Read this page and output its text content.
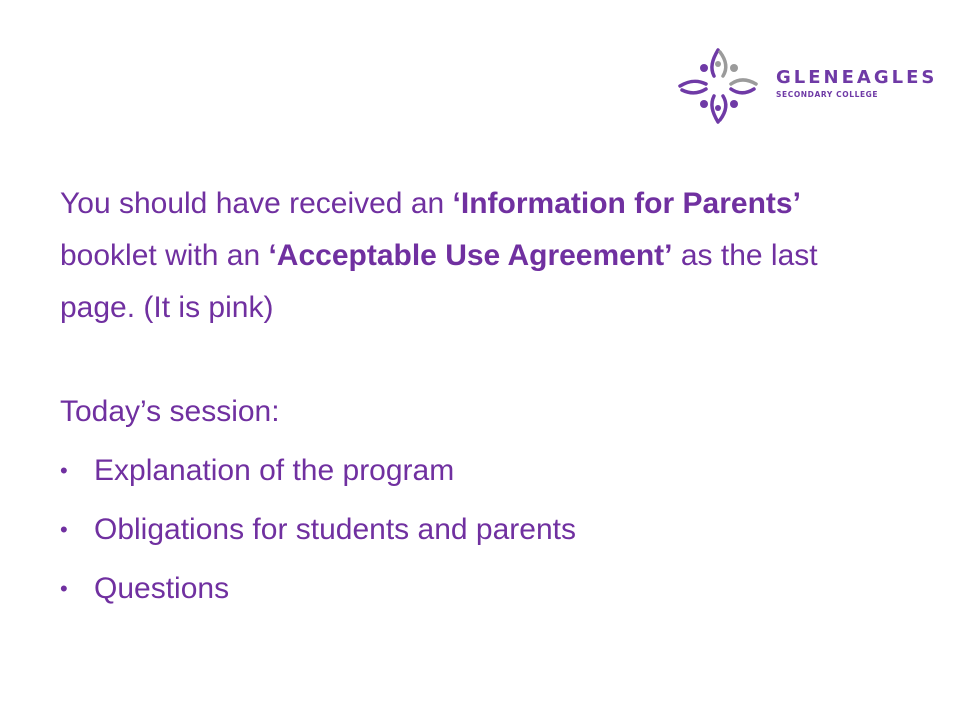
GLENEAGLES
SECONDARY COLLEGE
You should have received an ‘Information for Parents’ booklet with an ‘Acceptable Use Agreement’ as the last page. (It is pink)
Today’s session:
• Explanation of the program
• Obligations for students and parents
• Questions
